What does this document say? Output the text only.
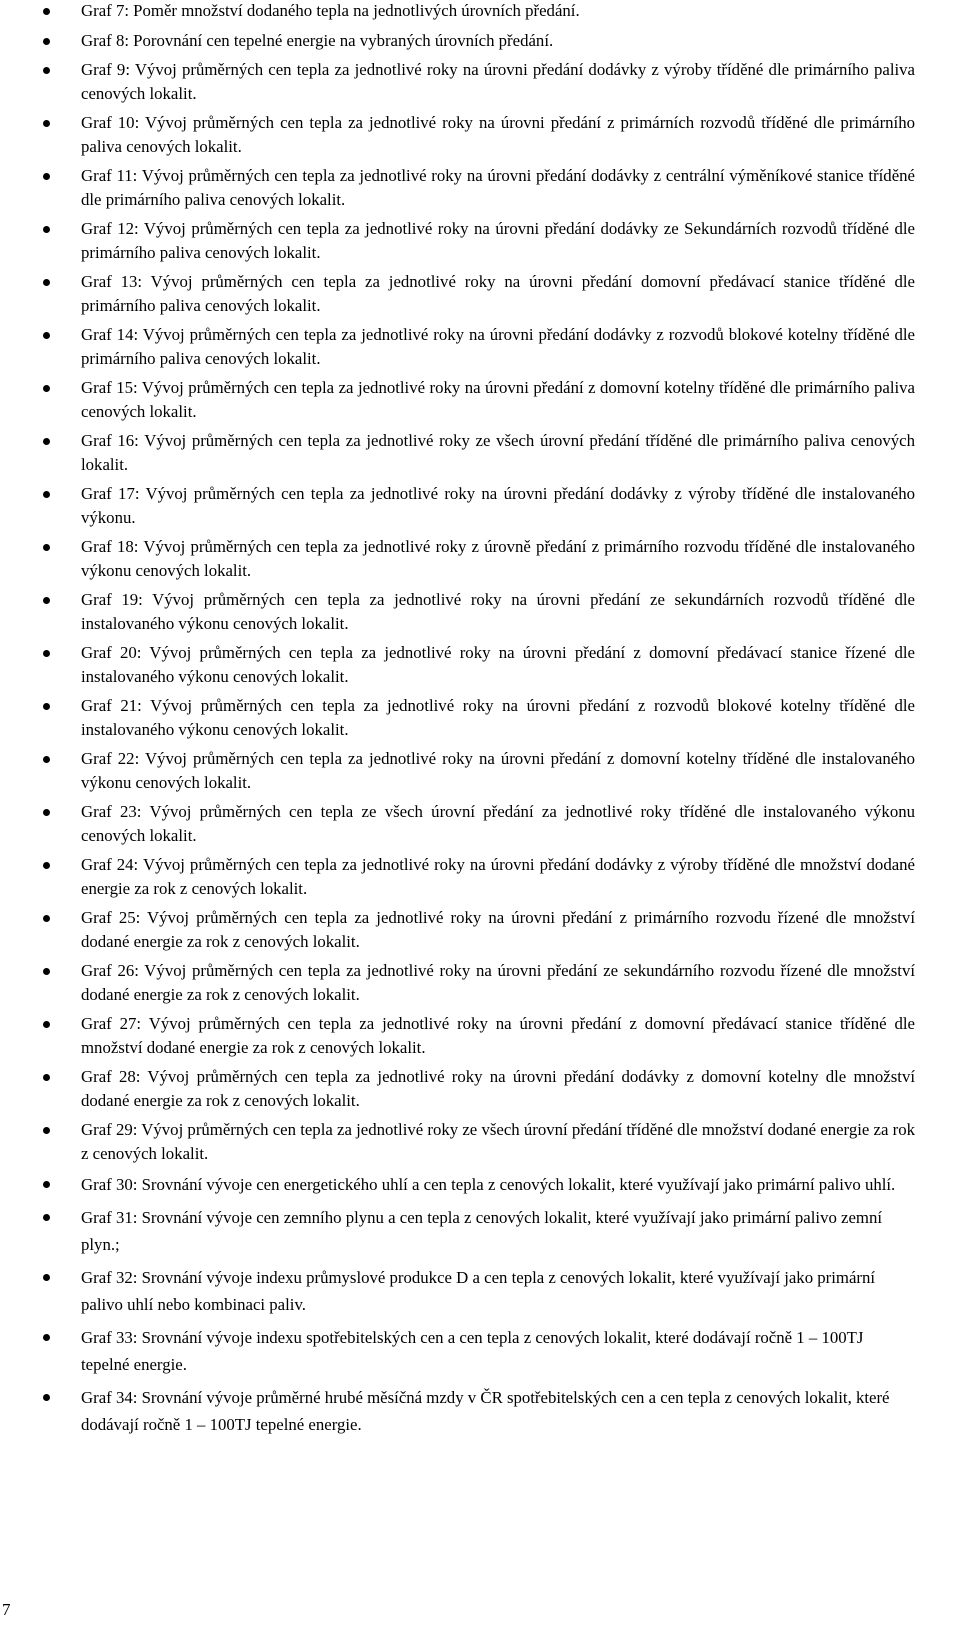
Graf 7: Poměr množství dodaného tepla na jednotlivých úrovních předání.
Graf 8: Porovnání cen tepelné energie na vybraných úrovních předání.
Graf 9: Vývoj průměrných cen tepla za jednotlivé roky na úrovni předání dodávky z výroby tříděné dle primárního paliva cenových lokalit.
Graf 10: Vývoj průměrných cen tepla za jednotlivé roky na úrovni předání z primárních rozvodů tříděné dle primárního paliva cenových lokalit.
Graf 11: Vývoj průměrných cen tepla za jednotlivé roky na úrovni předání dodávky z centrální výměníkové stanice tříděné dle primárního paliva cenových lokalit.
Graf 12: Vývoj průměrných cen tepla za jednotlivé roky na úrovni předání dodávky ze Sekundárních rozvodů tříděné dle primárního paliva cenových lokalit.
Graf 13: Vývoj průměrných cen tepla za jednotlivé roky na úrovni předání domovní předávací stanice tříděné dle primárního paliva cenových lokalit.
Graf 14: Vývoj průměrných cen tepla za jednotlivé roky na úrovni předání dodávky z rozvodů blokové kotelny tříděné dle primárního paliva cenových lokalit.
Graf 15: Vývoj průměrných cen tepla za jednotlivé roky na úrovni předání z domovní kotelny tříděné dle primárního paliva cenových lokalit.
Graf 16: Vývoj průměrných cen tepla za jednotlivé roky ze všech úrovní předání tříděné dle primárního paliva cenových lokalit.
Graf 17: Vývoj průměrných cen tepla za jednotlivé roky na úrovni předání dodávky z výroby tříděné dle instalovaného výkonu.
Graf 18: Vývoj průměrných cen tepla za jednotlivé roky z úrovně předání z primárního rozvodu tříděné dle instalovaného výkonu cenových lokalit.
Graf 19: Vývoj průměrných cen tepla za jednotlivé roky na úrovni předání ze sekundárních rozvodů tříděné dle instalovaného výkonu cenových lokalit.
Graf 20: Vývoj průměrných cen tepla za jednotlivé roky na úrovni předání z domovní předávací stanice řízené dle instalovaného výkonu cenových lokalit.
Graf 21: Vývoj průměrných cen tepla za jednotlivé roky na úrovni předání z rozvodů blokové kotelny tříděné dle instalovaného výkonu cenových lokalit.
Graf 22: Vývoj průměrných cen tepla za jednotlivé roky na úrovni předání z domovní kotelny tříděné dle instalovaného výkonu cenových lokalit.
Graf 23: Vývoj průměrných cen tepla ze všech úrovní předání za jednotlivé roky tříděné dle instalovaného výkonu cenových lokalit.
Graf 24: Vývoj průměrných cen tepla za jednotlivé roky na úrovni předání dodávky z výroby tříděné dle množství dodané energie za rok z cenových lokalit.
Graf 25: Vývoj průměrných cen tepla za jednotlivé roky na úrovni předání z primárního rozvodu řízené dle množství dodané energie za rok z cenových lokalit.
Graf 26: Vývoj průměrných cen tepla za jednotlivé roky na úrovni předání ze sekundárního rozvodu řízené dle množství dodané energie za rok z cenových lokalit.
Graf 27: Vývoj průměrných cen tepla za jednotlivé roky na úrovni předání z domovní předávací stanice tříděné dle množství dodané energie za rok z cenových lokalit.
Graf 28: Vývoj průměrných cen tepla za jednotlivé roky na úrovni předání dodávky z domovní kotelny dle množství dodané energie za rok z cenových lokalit.
Graf 29: Vývoj průměrných cen tepla za jednotlivé roky ze všech úrovní předání tříděné dle množství dodané energie za rok z cenových lokalit.
Graf 30: Srovnání vývoje cen energetického uhlí a cen tepla z cenových lokalit, které využívají jako primární palivo uhlí.
Graf 31: Srovnání vývoje cen zemního plynu a cen tepla z cenových lokalit, které využívají jako primární palivo zemní plyn.;
Graf 32: Srovnání vývoje indexu průmyslové produkce D a cen tepla z cenových lokalit, které využívají jako primární palivo uhlí nebo kombinaci paliv.
Graf 33: Srovnání vývoje indexu spotřebitelských cen a cen tepla z cenových lokalit, které dodávají ročně 1 – 100TJ tepelné energie.
Graf 34: Srovnání vývoje průměrné hrubé měsíčná mzdy v ČR spotřebitelských cen a cen tepla z cenových lokalit, které dodávají ročně 1 – 100TJ tepelné energie.
7
